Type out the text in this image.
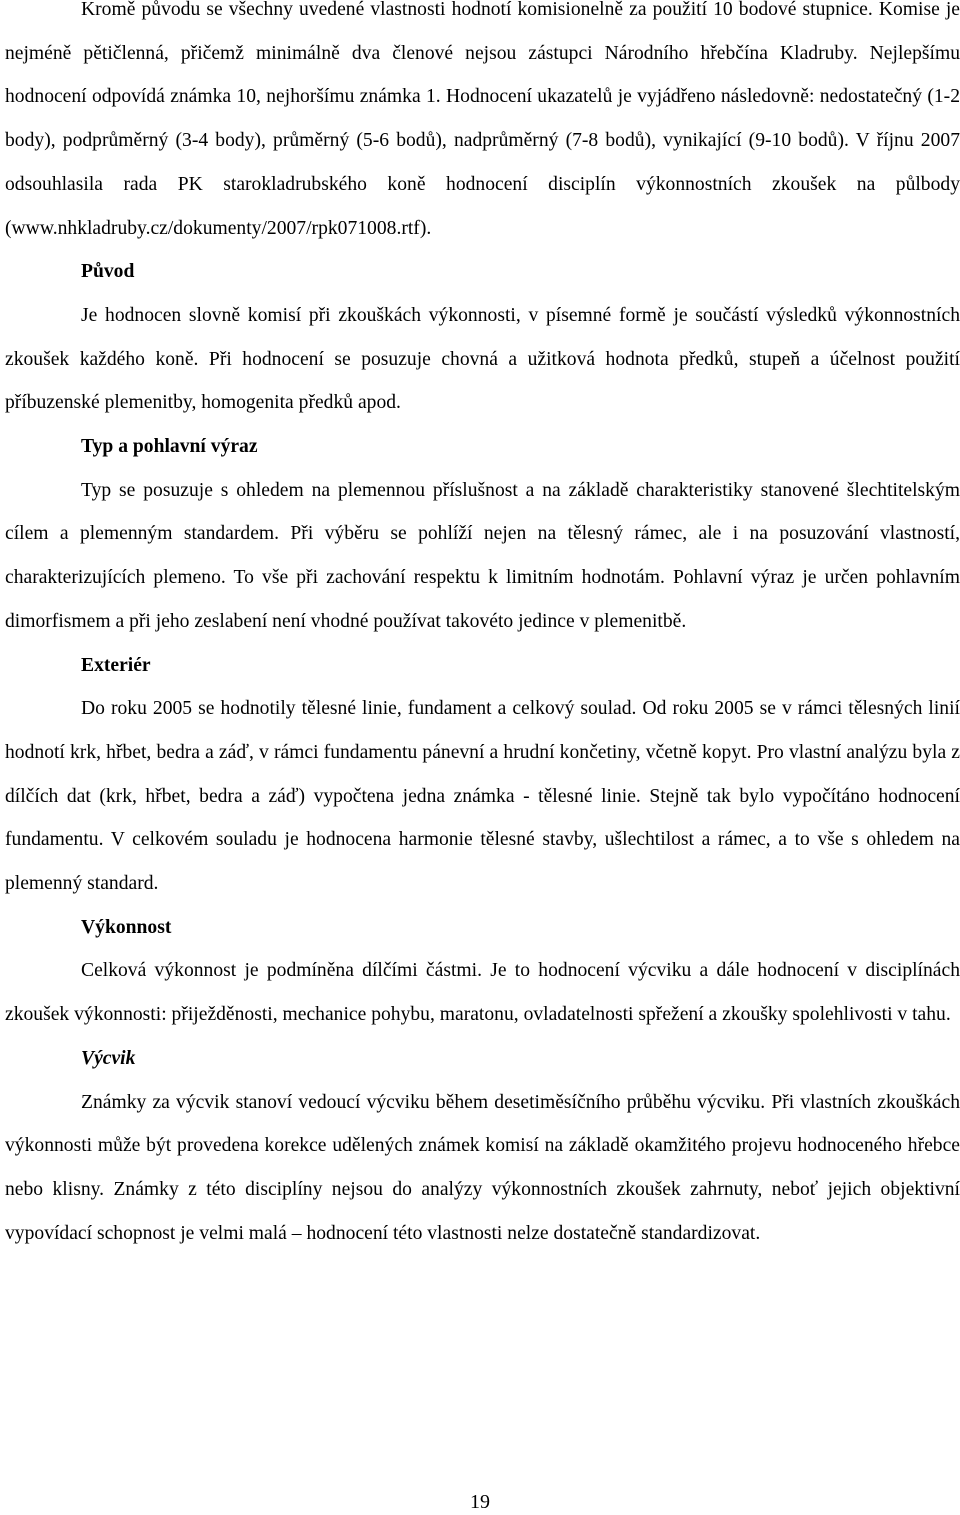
Kromě původu se všechny uvedené vlastnosti hodnotí komisionelně za použití 10 bodové stupnice. Komise je nejméně pětičlenná, přičemž minimálně dva členové nejsou zástupci Národního hřebčína Kladruby. Nejlepšímu hodnocení odpovídá známka 10, nejhoršímu známka 1. Hodnocení ukazatelů je vyjádřeno následovně: nedostatečný (1-2 body), podprůměrný (3-4 body), průměrný (5-6 bodů), nadprůměrný (7-8 bodů), vynikající (9-10 bodů). V říjnu 2007 odsouhlasila rada PK starokladrubského koně hodnocení disciplín výkonnostních zkoušek na půlbody (www.nhkladruby.cz/dokumenty/2007/rpk071008.rtf).

Původ

Je hodnocen slovně komisí při zkouškách výkonnosti, v písemné formě je součástí výsledků výkonnostních zkoušek každého koně. Při hodnocení se posuzuje chovná a užitková hodnota předků, stupeň a účelnost použití příbuzenské plemenitby, homogenita předků apod.

Typ a pohlavní výraz

Typ se posuzuje s ohledem na plemennou příslušnost a na základě charakteristiky stanovené šlechtitelským cílem a plemenným standardem. Při výběru se pohlíží nejen na tělesný rámec, ale i na posuzování vlastností, charakterizujících plemeno. To vše při zachování respektu k limitním hodnotám. Pohlavní výraz je určen pohlavním dimorfismem a při jeho zeslabení není vhodné používat takovéto jedince v plemenitbě.

Exteriér

Do roku 2005 se hodnotily tělesné linie, fundament a celkový soulad. Od roku 2005 se v rámci tělesných linií hodnotí krk, hřbet, bedra a záď, v rámci fundamentu pánevní a hrudní končetiny, včetně kopyt. Pro vlastní analýzu byla z dílčích dat (krk, hřbet, bedra a záď) vypočtena jedna známka - tělesné linie. Stejně tak bylo vypočítáno hodnocení fundamentu. V celkovém souladu je hodnocena harmonie tělesné stavby, ušlechtilost a rámec, a to vše s ohledem na plemenný standard.

Výkonnost

Celková výkonnost je podmíněna dílčími částmi. Je to hodnocení výcviku a dále hodnocení v disciplínách zkoušek výkonnosti: přiježděnosti, mechanice pohybu, maratonu, ovladatelnosti spřežení a zkoušky spolehlivosti v tahu.

Výcvik

Známky za výcvik stanoví vedoucí výcviku během desetiměsíčního průběhu výcviku. Při vlastních zkouškách výkonnosti může být provedena korekce udělených známek komisí na základě okamžitého projevu hodnoceného hřebce nebo klisny. Známky z této disciplíny nejsou do analýzy výkonnostních zkoušek zahrnuty, neboť jejich objektivní vypovídací schopnost je velmi malá – hodnocení této vlastnosti nelze dostatečně standardizovat.

19
